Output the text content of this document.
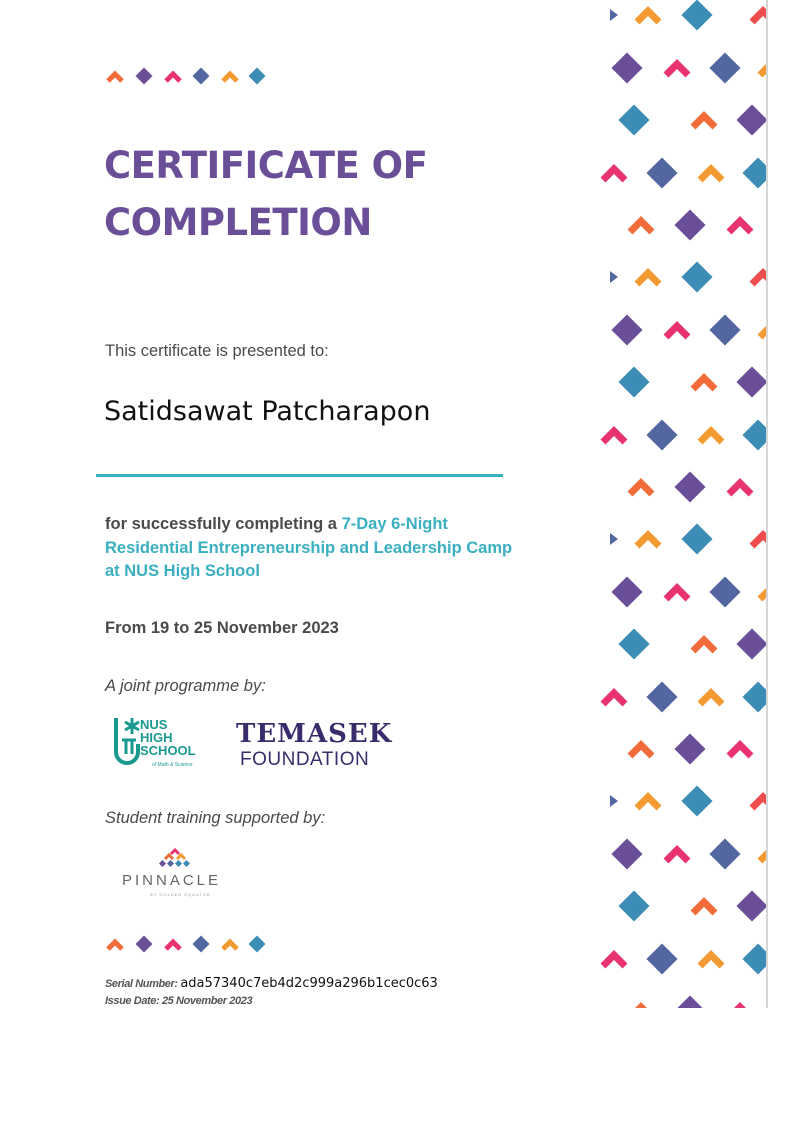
CERTIFICATE OF
COMPLETION
This certificate is presented to:
Satidsawat Patcharapon
for successfully completing a 7-Day 6-Night Residential Entrepreneurship and Leadership Camp at NUS High School
From 19 to 25 November 2023
A joint programme by:
NUS
HIGH
SCHOOL
of Math & Science
TEMASEK
FOUNDATION
Student training supported by:
PINNACLE
BY GOLDEN EQUATOR
Serial Number: ada57340c7eb4d2c999a296b1cec0c63
Issue Date: 25 November 2023
